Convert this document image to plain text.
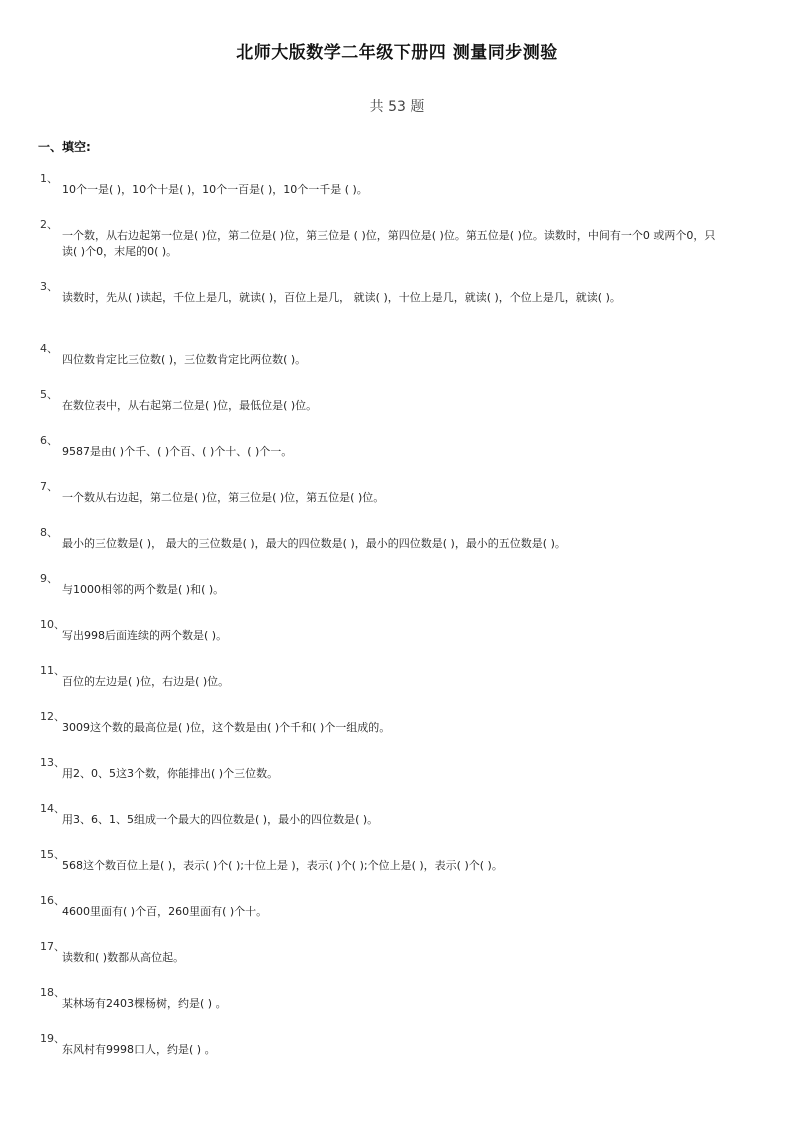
北师大版数学二年级下册四 测量同步测验
共 53 题
一、填空:
1、
10个一是( )，10个十是( )，10个一百是( )，10个一千是 ( )。
2、
一个数，从右边起第一位是( )位，第二位是( )位，第三位是 ( )位，第四位是( )位。第五位是( )位。读数时，中间有一个0 或两个0，只读( )个0，末尾的0( )。
3、
读数时，先从( )读起，千位上是几，就读( )，百位上是几， 就读( )，十位上是几，就读( )，个位上是几，就读( )。
4、
四位数肯定比三位数( )，三位数肯定比两位数( )。
5、
在数位表中，从右起第二位是( )位，最低位是( )位。
6、
9587是由( )个千、( )个百、( )个十、( )个一。
7、
一个数从右边起，第二位是( )位，第三位是( )位，第五位是( )位。
8、
最小的三位数是( )， 最大的三位数是( )，最大的四位数是( )，最小的四位数是( )，最小的五位数是( )。
9、
与1000相邻的两个数是( )和( )。
10、
写出998后面连续的两个数是( )。
11、
百位的左边是( )位，右边是( )位。
12、
3009这个数的最高位是( )位，这个数是由( )个千和( )个一组成的。
13、
用2、0、5这3个数，你能排出( )个三位数。
14、
用3、6、1、5组成一个最大的四位数是( )，最小的四位数是( )。
15、
568这个数百位上是( )，表示( )个( );十位上是 )，表示( )个( );个位上是( )，表示( )个( )。
16、
4600里面有( )个百，260里面有( )个十。
17、
读数和( )数都从高位起。
18、
某林场有2403棵杨树，约是( ) 。
19、
东风村有9998口人，约是( ) 。
